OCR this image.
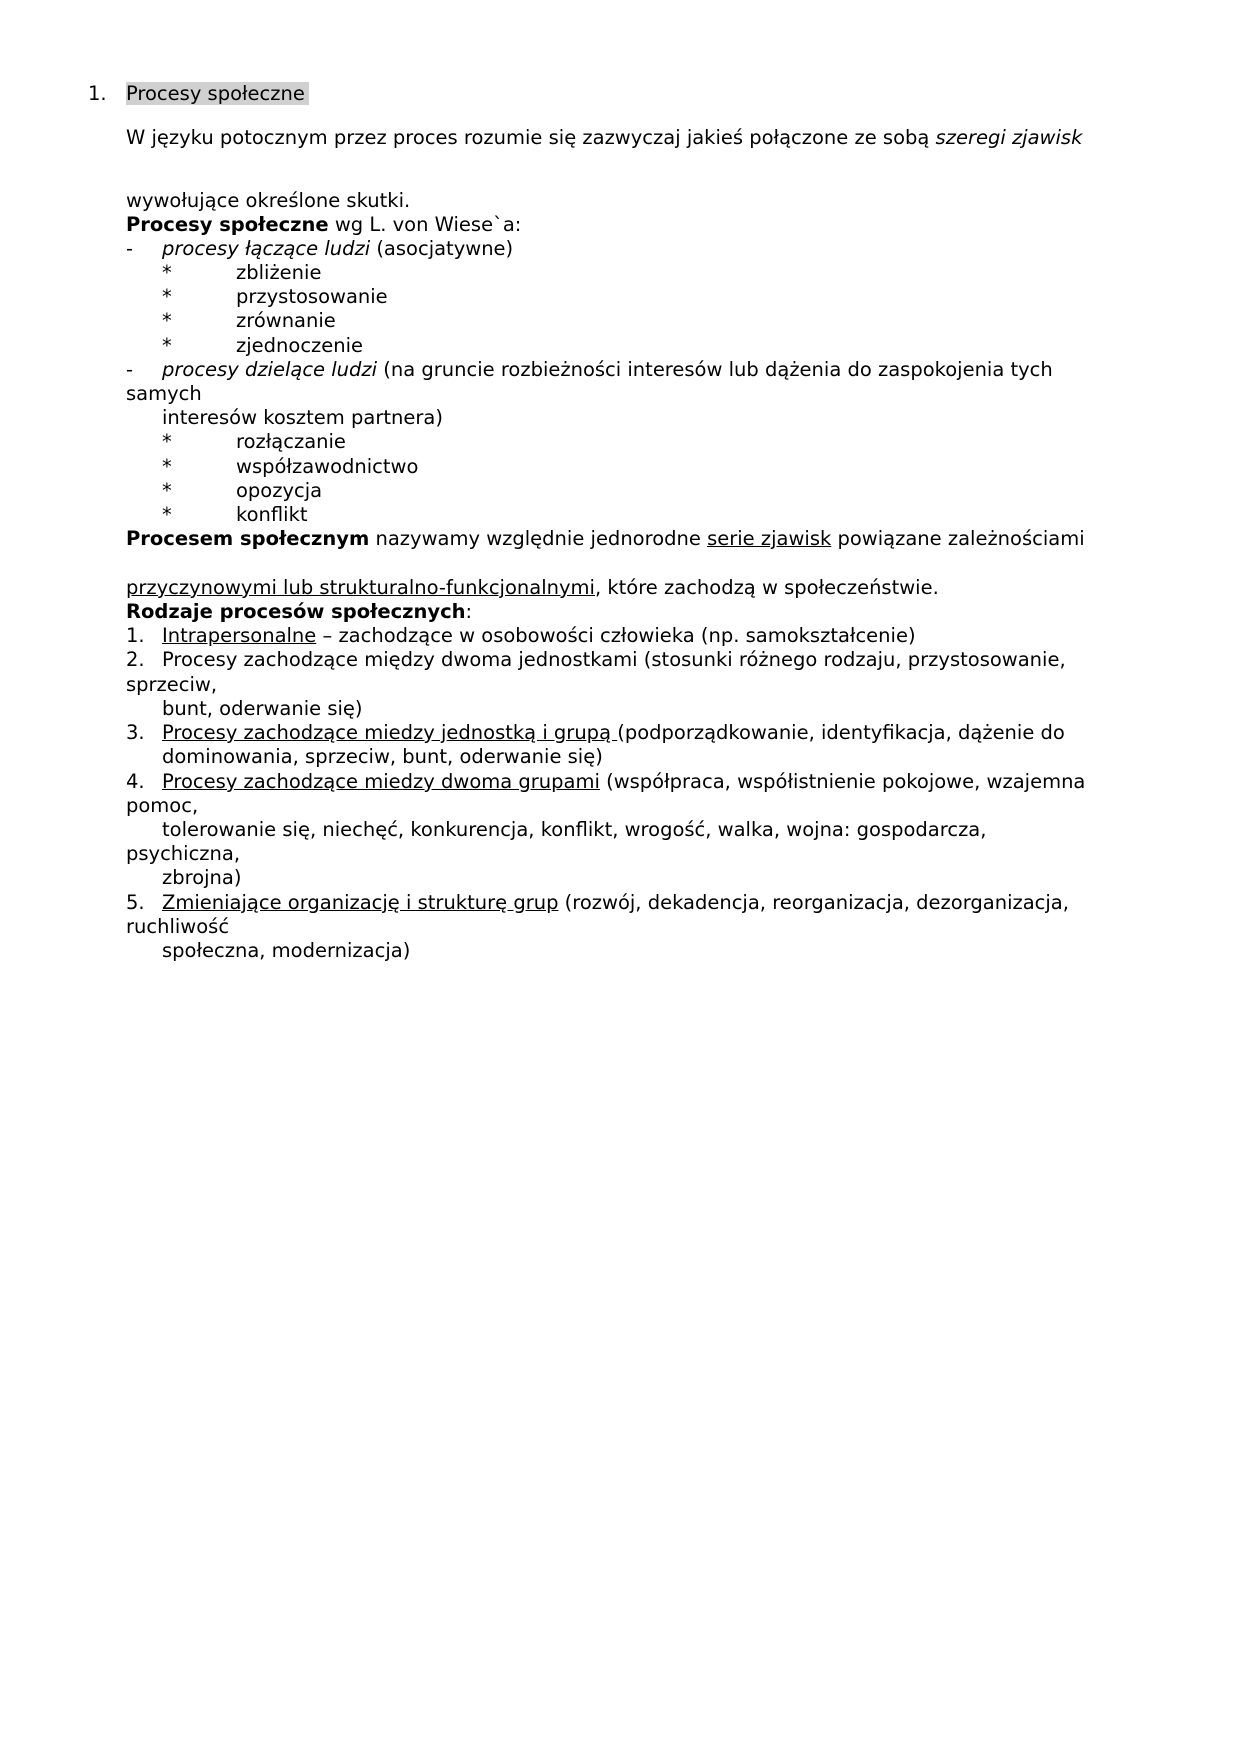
1. Procesy społeczne
W języku potocznym przez proces rozumie się zazwyczaj jakieś połączone ze sobą szeregi zjawisk
wywołujące określone skutki.
Procesy społeczne wg L. von Wiese`a:
- procesy łączące ludzi (asocjatywne)
*	zbliżenie
*	przystosowanie
*	zrównanie
*	zjednoczenie
- procesy dzielące ludzi (na gruncie rozbieżności interesów lub dążenia do zaspokojenia tych
samych
interesów kosztem partnera)
*	rozłączanie
*	współzawodnictwo
*	opozycja
*	konflikt
Procesem społecznym nazywamy względnie jednorodne serie zjawisk powiązane zależnościami
przyczynowymi lub strukturalno-funkcjonalnymi, które zachodzą w społeczeństwie.
Rodzaje procesów społecznych:
1. Intrapersonalne – zachodzące w osobowości człowieka (np. samokształcenie)
2. Procesy zachodzące między dwoma jednostkami (stosunki różnego rodzaju, przystosowanie,
sprzeciw,
bunt, oderwanie się)
3. Procesy zachodzące miedzy jednostką i grupą (podporządkowanie, identyfikacja, dążenie do
dominowania, sprzeciw, bunt, oderwanie się)
4. Procesy zachodzące miedzy dwoma grupami (współpraca, współistnienie pokojowe, wzajemna
pomoc,
tolerowanie się, niechęć, konkurencja, konflikt, wrogość, walka, wojna: gospodarcza,
psychiczna,
zbrojna)
5. Zmieniające organizację i strukturę grup (rozwój, dekadencja, reorganizacja, dezorganizacja,
ruchliwość
społeczna, modernizacja)
